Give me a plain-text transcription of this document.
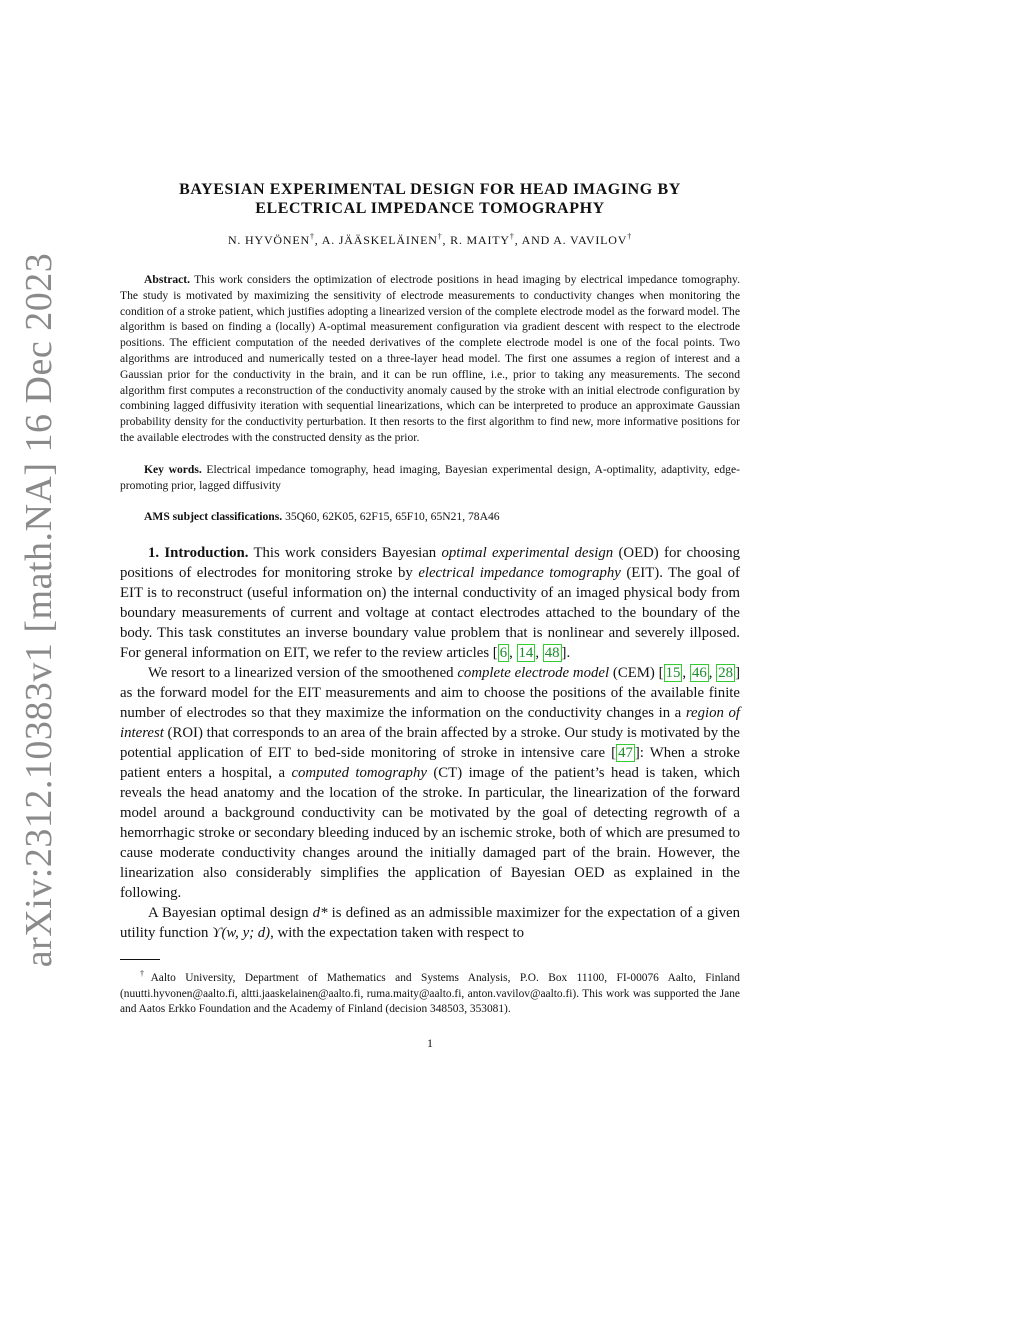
arXiv:2312.10383v1 [math.NA] 16 Dec 2023
BAYESIAN EXPERIMENTAL DESIGN FOR HEAD IMAGING BY
ELECTRICAL IMPEDANCE TOMOGRAPHY
N. HYVÖNEN†, A. JÄÄSKELÄINEN†, R. MAITY†, AND A. VAVILOV†
Abstract. This work considers the optimization of electrode positions in head imaging by electrical impedance tomography. The study is motivated by maximizing the sensitivity of electrode measurements to conductivity changes when monitoring the condition of a stroke patient, which justifies adopting a linearized version of the complete electrode model as the forward model. The algorithm is based on finding a (locally) A-optimal measurement configuration via gradient descent with respect to the electrode positions. The efficient computation of the needed derivatives of the complete electrode model is one of the focal points. Two algorithms are introduced and numerically tested on a three-layer head model. The first one assumes a region of interest and a Gaussian prior for the conductivity in the brain, and it can be run offline, i.e., prior to taking any measurements. The second algorithm first computes a reconstruction of the conductivity anomaly caused by the stroke with an initial electrode configuration by combining lagged diffusivity iteration with sequential linearizations, which can be interpreted to produce an approximate Gaussian probability density for the conductivity perturbation. It then resorts to the first algorithm to find new, more informative positions for the available electrodes with the constructed density as the prior.
Key words. Electrical impedance tomography, head imaging, Bayesian experimental design, A-optimality, adaptivity, edge-promoting prior, lagged diffusivity
AMS subject classifications. 35Q60, 62K05, 62F15, 65F10, 65N21, 78A46

1. Introduction. This work considers Bayesian optimal experimental design (OED) for choosing positions of electrodes for monitoring stroke by electrical impedance tomography (EIT). The goal of EIT is to reconstruct (useful information on) the internal conductivity of an imaged physical body from boundary measurements of current and voltage at contact electrodes attached to the boundary of the body. This task constitutes an inverse boundary value problem that is nonlinear and severely illposed. For general information on EIT, we refer to the review articles [ 6 , 14 , 48 ].

We resort to a linearized version of the smoothened complete electrode model (CEM) [ 15 , 46 , 28 ] as the forward model for the EIT measurements and aim to choose the positions of the available finite number of electrodes so that they maximize the information on the conductivity changes in a region of interest (ROI) that corresponds to an area of the brain affected by a stroke. Our study is motivated by the potential application of EIT to bed-side monitoring of stroke in intensive care [ 47 ]: When a stroke patient enters a hospital, a computed tomography (CT) image of the patient’s head is taken, which reveals the head anatomy and the location of the stroke. In particular, the linearization of the forward model around a background conductivity can be motivated by the goal of detecting regrowth of a hemorrhagic stroke or secondary bleeding induced by an ischemic stroke, both of which are presumed to cause moderate conductivity changes around the initially damaged part of the brain. However, the linearization also considerably simplifies the application of Bayesian OED as explained in the following.

A Bayesian optimal design d* is defined as an admissible maximizer for the expectation of a given utility function ϒ(w, y; d), with the expectation taken with respect to

†Aalto University, Department of Mathematics and Systems Analysis, P.O. Box 11100, FI-00076 Aalto, Finland (nuutti.hyvonen@aalto.fi, altti.jaaskelainen@aalto.fi, ruma.maity@aalto.fi, anton.vavilov@aalto.fi). This work was supported the Jane and Aatos Erkko Foundation and the Academy of Finland (decision 348503, 353081).
1
